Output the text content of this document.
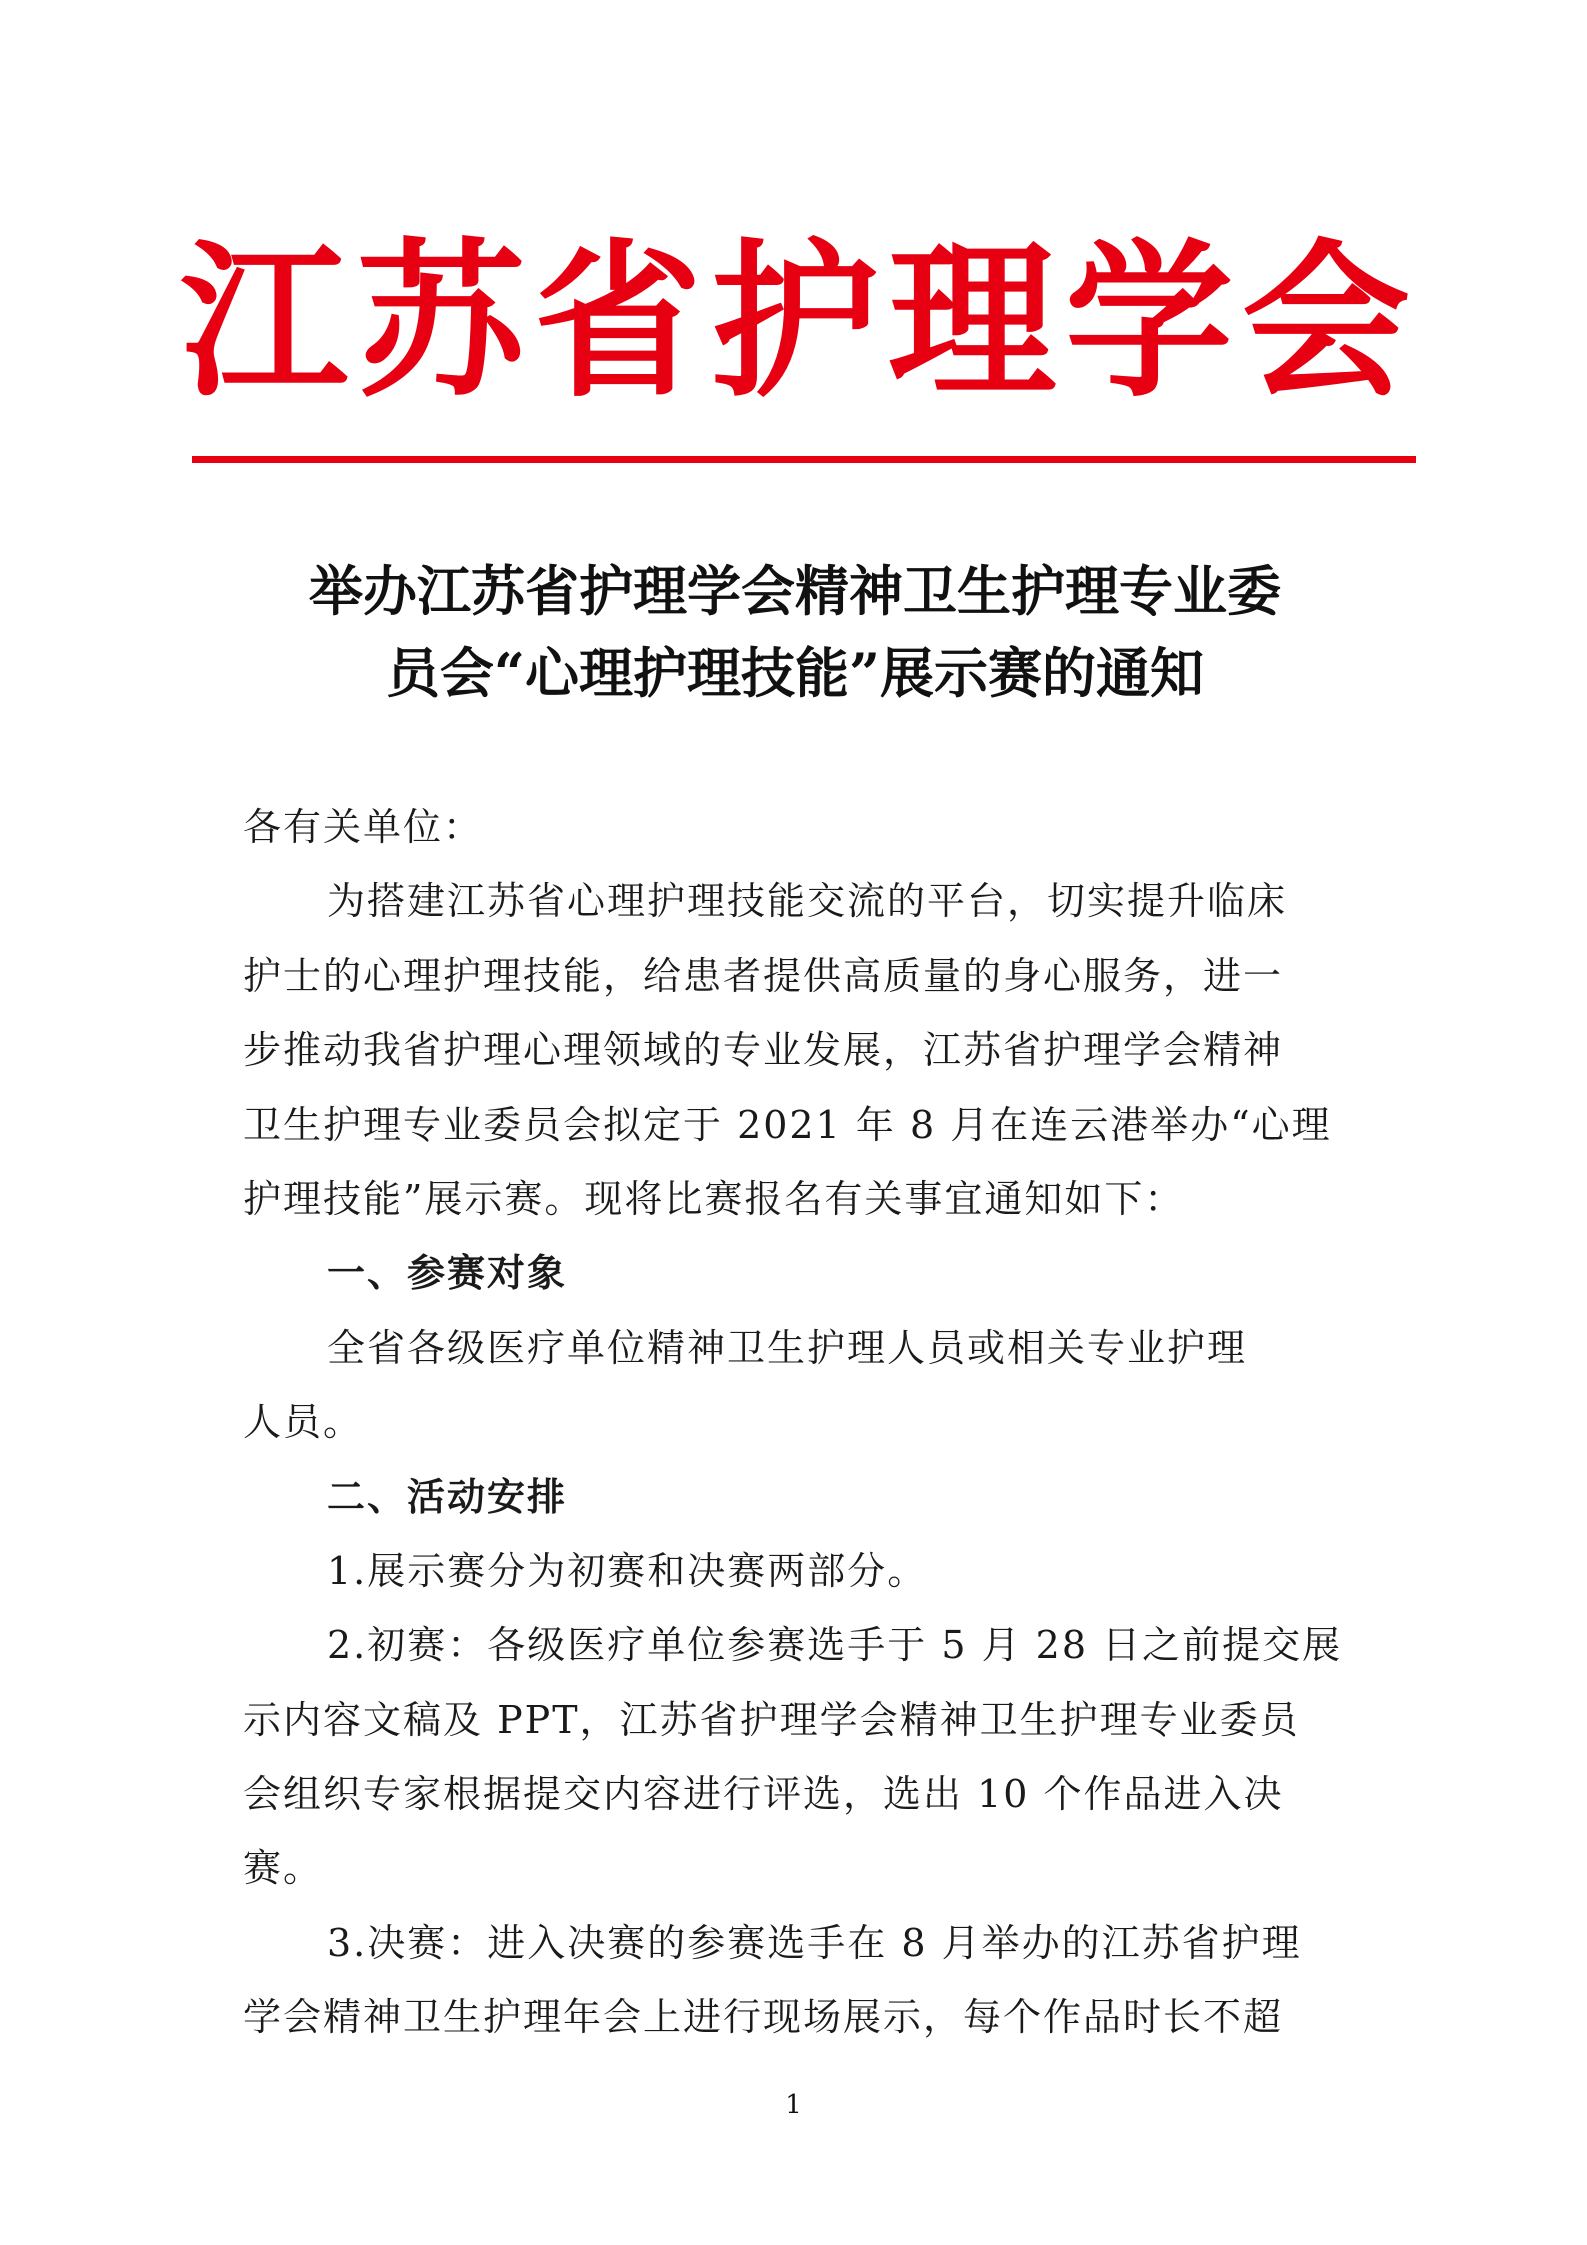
江 苏 省 护 理 学 会
举办江苏省护理学会精神卫生护理专业委
员会“心理护理技能”展示赛的通知
各有关单位：
为搭建江苏省心理护理技能交流的平台，切实提升临床
护士的心理护理技能，给患者提供高质量的身心服务，进一
步推动我省护理心理领域的专业发展，江苏省护理学会精神
卫生护理专业委员会拟定于 2021 年 8 月在连云港举办“心理
护理技能”展示赛。现将比赛报名有关事宜通知如下：
一、参赛对象
全省各级医疗单位精神卫生护理人员或相关专业护理
人员。
二、活动安排
1.展示赛分为初赛和决赛两部分。
2.初赛：各级医疗单位参赛选手于 5 月 28 日之前提交展
示内容文稿及 PPT，江苏省护理学会精神卫生护理专业委员
会组织专家根据提交内容进行评选，选出 10 个作品进入决
赛。
3.决赛：进入决赛的参赛选手在 8 月举办的江苏省护理
学会精神卫生护理年会上进行现场展示，每个作品时长不超
1
